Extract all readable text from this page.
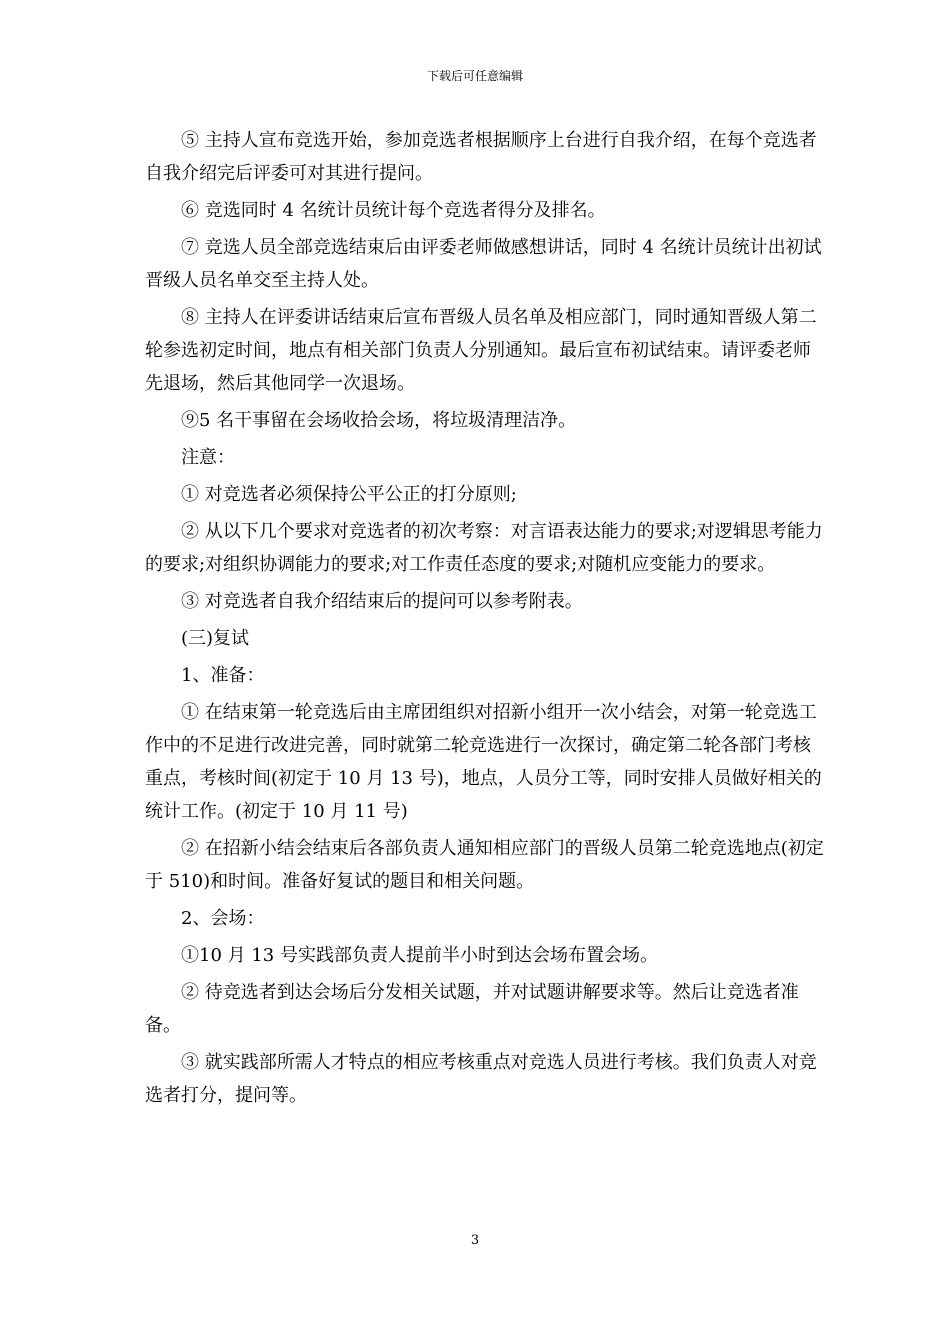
下载后可任意编辑

⑤ 主持人宣布竞选开始，参加竞选者根据顺序上台进行自我介绍，在每个竞选者自我介绍完后评委可对其进行提问。

⑥ 竞选同时 4 名统计员统计每个竞选者得分及排名。

⑦ 竞选人员全部竞选结束后由评委老师做感想讲话，同时 4 名统计员统计出初试晋级人员名单交至主持人处。

⑧ 主持人在评委讲话结束后宣布晋级人员名单及相应部门，同时通知晋级人第二轮参选初定时间，地点有相关部门负责人分别通知。最后宣布初试结束。请评委老师先退场，然后其他同学一次退场。

⑨5 名干事留在会场收拾会场，将垃圾清理洁净。

注意：

① 对竞选者必须保持公平公正的打分原则;

② 从以下几个要求对竞选者的初次考察：对言语表达能力的要求;对逻辑思考能力的要求;对组织协调能力的要求;对工作责任态度的要求;对随机应变能力的要求。

③ 对竞选者自我介绍结束后的提问可以参考附表。

(三)复试

1、准备：

① 在结束第一轮竞选后由主席团组织对招新小组开一次小结会，对第一轮竞选工作中的不足进行改进完善，同时就第二轮竞选进行一次探讨，确定第二轮各部门考核重点，考核时间(初定于 10 月 13 号)，地点，人员分工等，同时安排人员做好相关的统计工作。(初定于 10 月 11 号)

② 在招新小结会结束后各部负责人通知相应部门的晋级人员第二轮竞选地点(初定于 510)和时间。准备好复试的题目和相关问题。

2、会场：

①10 月 13 号实践部负责人提前半小时到达会场布置会场。

② 待竞选者到达会场后分发相关试题，并对试题讲解要求等。然后让竞选者准备。

③ 就实践部所需人才特点的相应考核重点对竞选人员进行考核。我们负责人对竞选者打分，提问等。

3
